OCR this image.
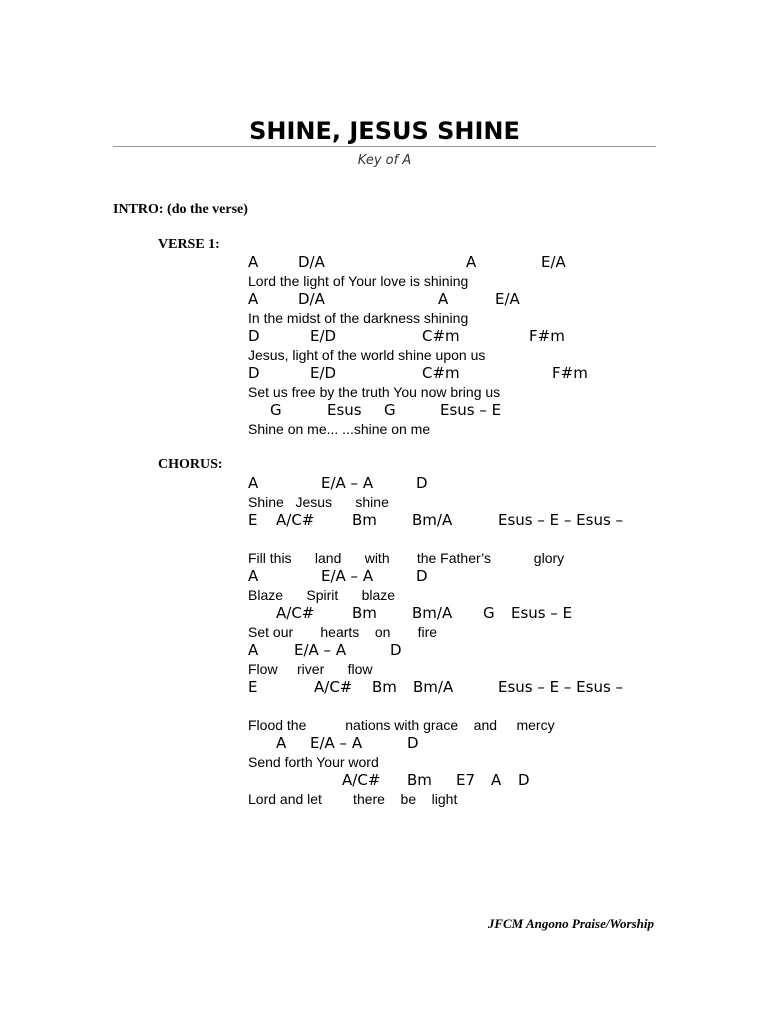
SHINE, JESUS SHINE
Key of A
INTRO: (do the verse)
VERSE 1:
A	D/A	A	E/A
Lord the light of Your love is shining
A	D/A	A	E/A
In the midst of the darkness shining
D	E/D	C#m	F#m
Jesus, light of the world shine upon us
D	E/D	C#m	F#m
Set us free by the truth You now bring us
G	Esus G	Esus – E
Shine on me... ...shine on me
CHORUS:
A	E/A – A	D
Shine   Jesus      shine
A/C#	Bm Bm/A	Esus – E – Esus –
E
Fill this      land      with       the Father’s           glory
A	E/A – A	D
Blaze      Spirit      blaze
A/C#	Bm Bm/A G Esus – E
Set our       hearts    on       fire
A E/A – A	D
Flow     river      flow
A/C# Bm Bm/A	Esus – E – Esus –
E
Flood the          nations with grace    and     mercy
A E/A – A	D
Send forth Your word
A/C# Bm E7 A D
Lord and let        there    be    light
JFCM Angono Praise/Worship
